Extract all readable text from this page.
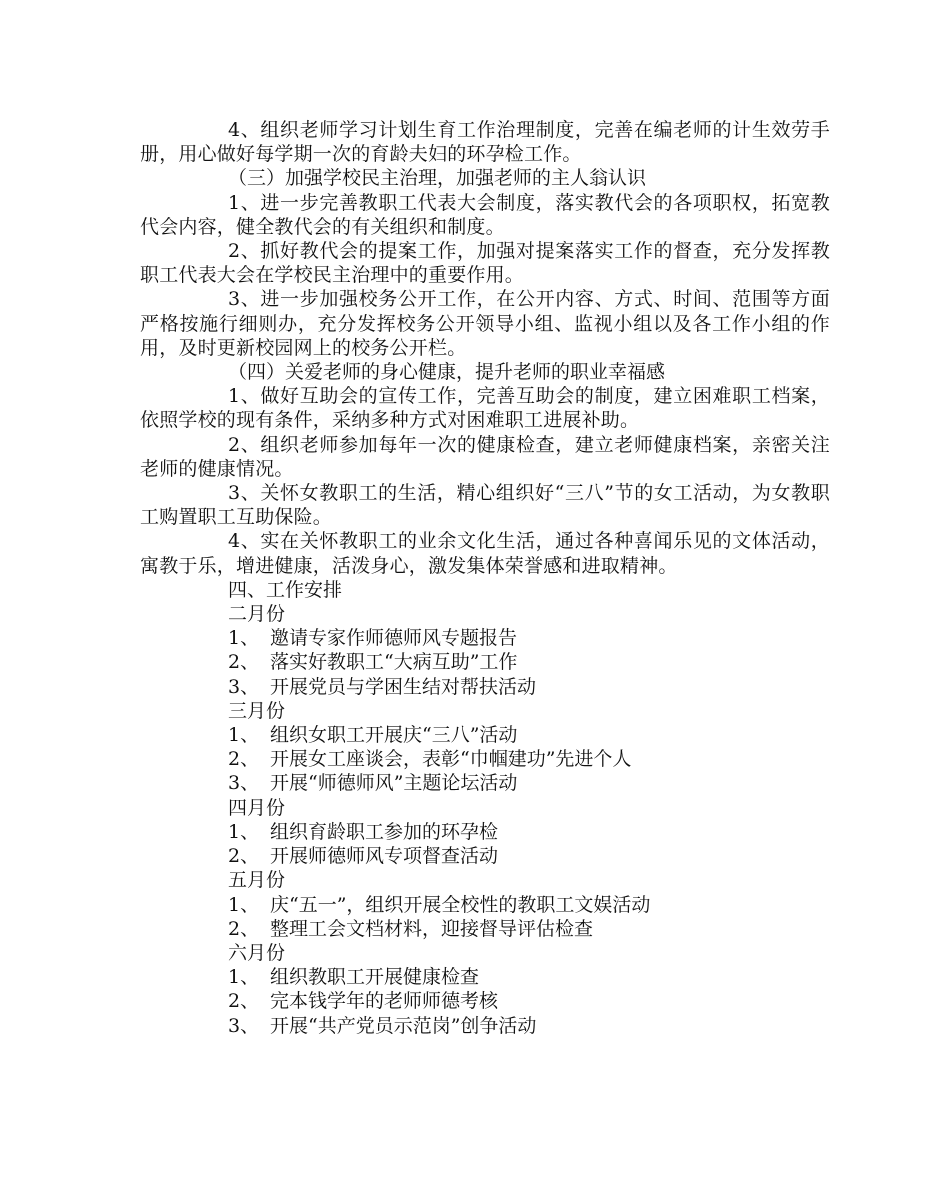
4、组织老师学习计划生育工作治理制度，完善在编老师的计生效劳手册，用心做好每学期一次的育龄夫妇的环孕检工作。

（三）加强学校民主治理，加强老师的主人翁认识

1、进一步完善教职工代表大会制度，落实教代会的各项职权，拓宽教代会内容，健全教代会的有关组织和制度。

2、抓好教代会的提案工作，加强对提案落实工作的督查，充分发挥教职工代表大会在学校民主治理中的重要作用。

3、进一步加强校务公开工作，在公开内容、方式、时间、范围等方面严格按施行细则办，充分发挥校务公开领导小组、监视小组以及各工作小组的作用，及时更新校园网上的校务公开栏。

（四）关爱老师的身心健康，提升老师的职业幸福感

1、做好互助会的宣传工作，完善互助会的制度，建立困难职工档案，依照学校的现有条件，采纳多种方式对困难职工进展补助。

2、组织老师参加每年一次的健康检查，建立老师健康档案，亲密关注老师的健康情况。

3、关怀女教职工的生活，精心组织好“三八”节的女工活动，为女教职工购置职工互助保险。

4、实在关怀教职工的业余文化生活，通过各种喜闻乐见的文体活动，寓教于乐，增进健康，活泼身心，激发集体荣誉感和进取精神。

四、工作安排

二月份

1、 邀请专家作师德师风专题报告

2、 落实好教职工“大病互助”工作

3、 开展党员与学困生结对帮扶活动

三月份

1、 组织女职工开展庆“三八”活动

2、 开展女工座谈会，表彰“巾帼建功”先进个人

3、 开展“师德师风”主题论坛活动

四月份

1、 组织育龄职工参加的环孕检

2、 开展师德师风专项督查活动

五月份

1、 庆“五一”，组织开展全校性的教职工文娱活动

2、 整理工会文档材料，迎接督导评估检查

六月份

1、 组织教职工开展健康检查

2、 完本钱学年的老师师德考核

3、 开展“共产党员示范岗”创争活动
